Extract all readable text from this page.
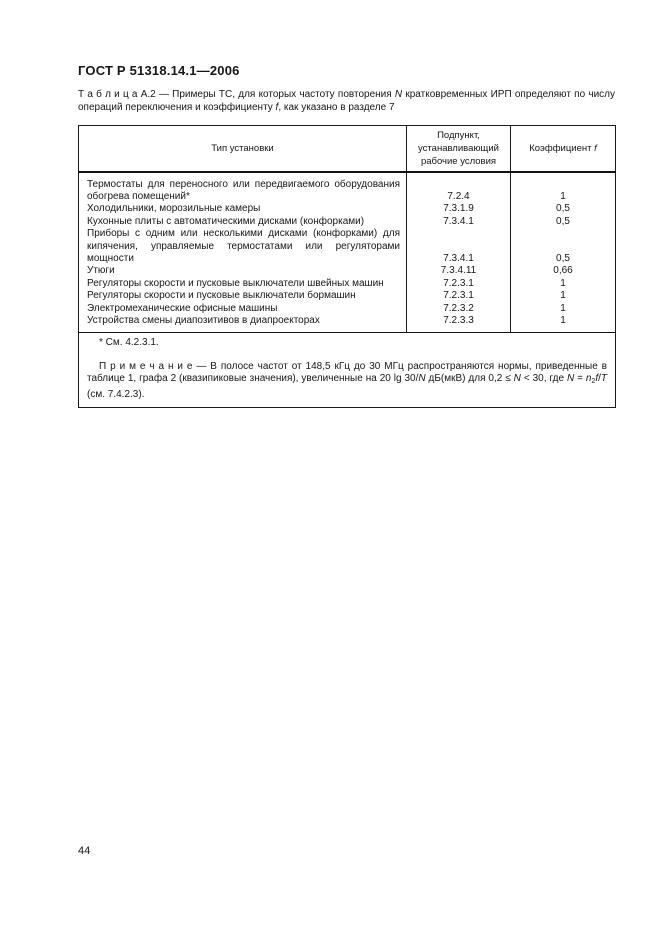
ГОСТ Р 51318.14.1—2006
Т а б л и ц а А.2 — Примеры ТС, для которых частоту повторения N кратковременных ИРП определяют по числу операций переключения и коэффициенту f, как указано в разделе 7
Тип установки	Подпункт, устанавливающий рабочие условия	Коэффициент f
Термостаты для переносного или передвигаемого оборудования обогрева помещений*	7.2.4	1
Холодильники, морозильные камеры	7.3.1.9	0,5
Кухонные плиты с автоматическими дисками (конфорками)	7.3.4.1	0,5
Приборы с одним или несколькими дисками (конфорками) для кипячения, управляемые термостатами или регуляторами мощности	7.3.4.1	0,5
Утюги	7.3.4.11	0,66
Регуляторы скорости и пусковые выключатели швейных машин	7.2.3.1	1
Регуляторы скорости и пусковые выключатели бормашин	7.2.3.1	1
Электромеханические офисные машины	7.2.3.2	1
Устройства смены диапозитивов в диапроекторах	7.2.3.3	1

* См. 4.2.3.1.

П р и м е ч а н и е — В полосе частот от 148,5 кГц до 30 МГц распространяются нормы, приведенные в таблице 1, графа 2 (квазипиковые значения), увеличенные на 20 lg 30/N дБ(мкВ) для 0,2 ≤ N < 30, где $N = n_2f/T$ (см. 7.4.2.3).		

44
